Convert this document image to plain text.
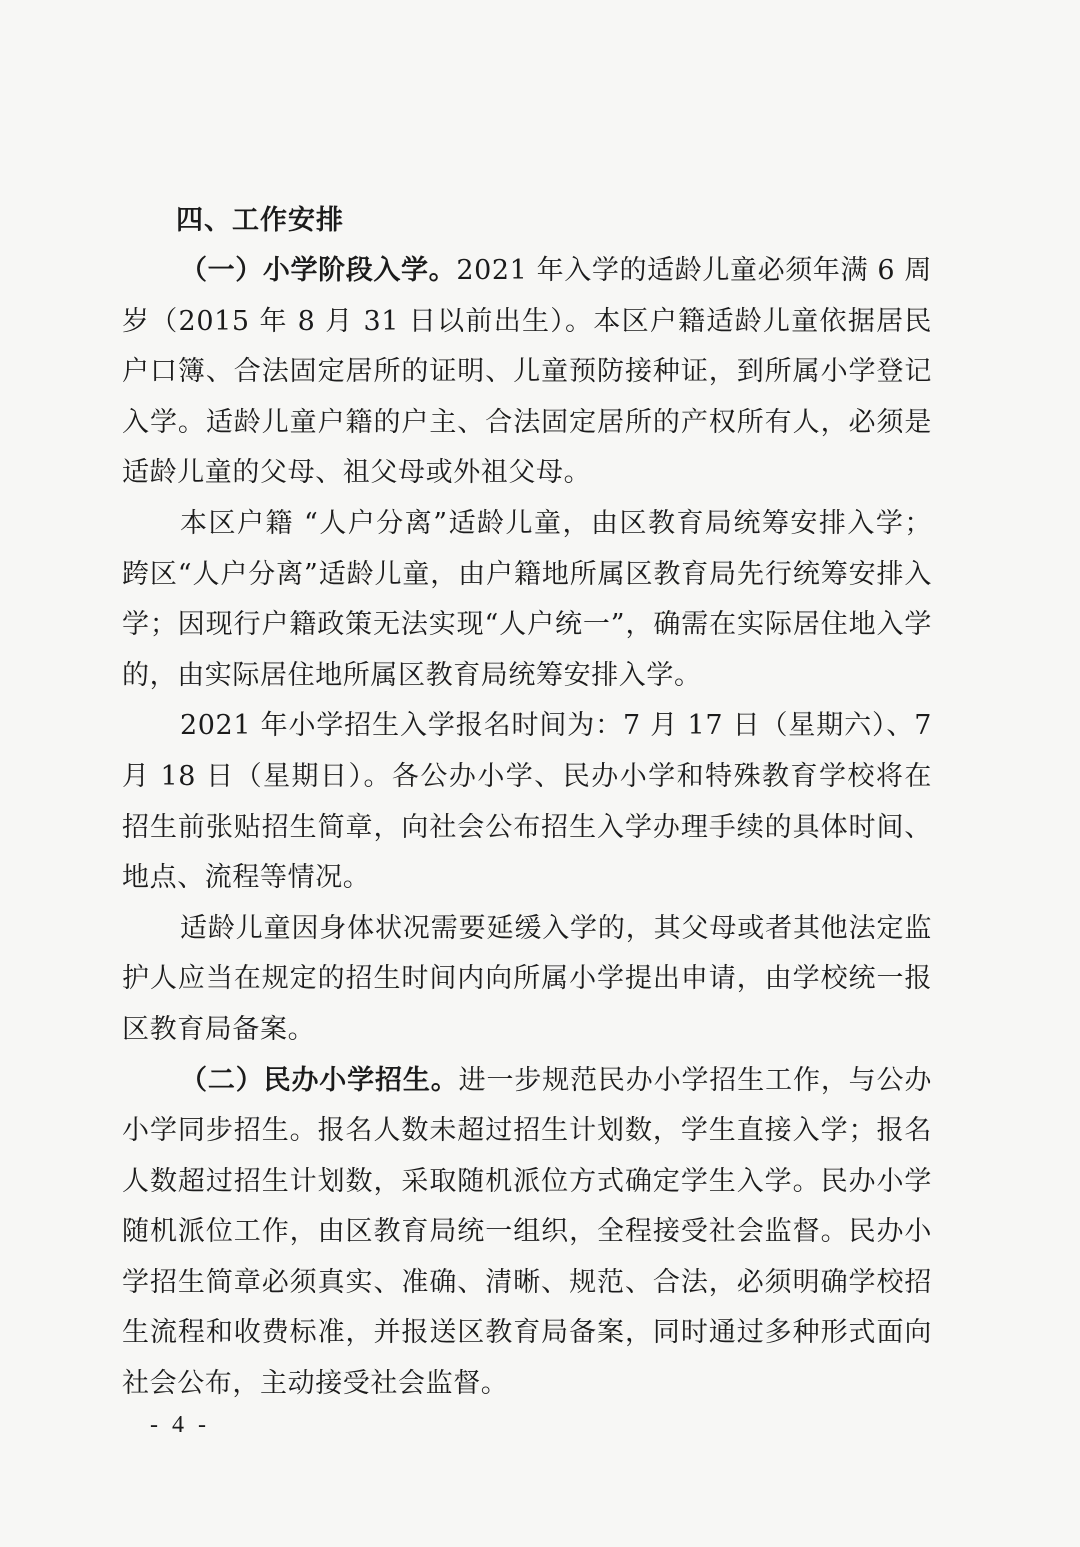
四、工作安排

（一）小学阶段入学。2021 年入学的适龄儿童必须年满 6 周岁（2015 年 8 月 31 日以前出生）。本区户籍适龄儿童依据居民户口簿、合法固定居所的证明、儿童预防接种证，到所属小学登记入学。适龄儿童户籍的户主、合法固定居所的产权所有人，必须是适龄儿童的父母、祖父母或外祖父母。

本区户籍 “人户分离”适龄儿童，由区教育局统筹安排入学；跨区“人户分离”适龄儿童，由户籍地所属区教育局先行统筹安排入学；因现行户籍政策无法实现“人户统一”，确需在实际居住地入学的，由实际居住地所属区教育局统筹安排入学。

2021 年小学招生入学报名时间为：7 月 17 日（星期六）、7 月 18 日（星期日）。各公办小学、民办小学和特殊教育学校将在招生前张贴招生简章，向社会公布招生入学办理手续的具体时间、地点、流程等情况。

适龄儿童因身体状况需要延缓入学的，其父母或者其他法定监护人应当在规定的招生时间内向所属小学提出申请，由学校统一报区教育局备案。

（二）民办小学招生。进一步规范民办小学招生工作，与公办小学同步招生。报名人数未超过招生计划数，学生直接入学；报名人数超过招生计划数，采取随机派位方式确定学生入学。民办小学随机派位工作，由区教育局统一组织，全程接受社会监督。民办小学招生简章必须真实、准确、清晰、规范、合法，必须明确学校招生流程和收费标准，并报送区教育局备案，同时通过多种形式面向社会公布，主动接受社会监督。

- 4 -
